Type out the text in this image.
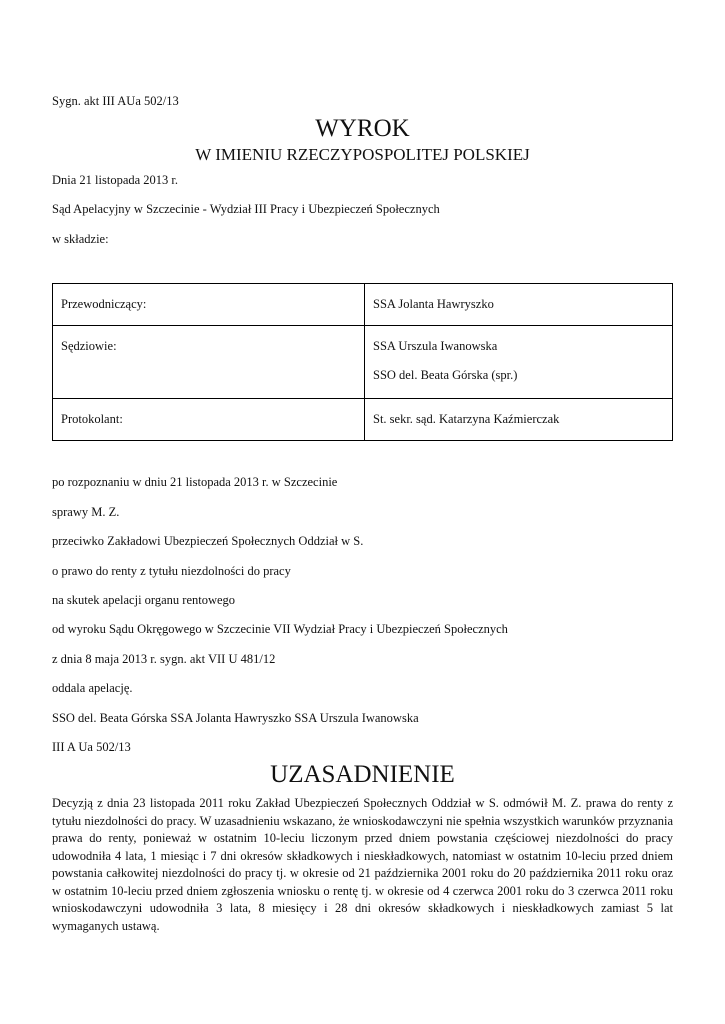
Sygn. akt III AUa 502/13
WYROK
W IMIENIU RZECZYPOSPOLITEJ POLSKIEJ
Dnia 21 listopada 2013 r.
Sąd Apelacyjny w Szczecinie - Wydział III Pracy i Ubezpieczeń Społecznych
w składzie:
Przewodniczący:	SSA Jolanta Hawryszko

Sędziowie:	SSA Urszula Iwanowska
SSO del. Beata Górska (spr.)

Protokolant:	St. sekr. sąd. Katarzyna Kaźmierczak
po rozpoznaniu w dniu 21 listopada 2013 r. w Szczecinie
sprawy M. Z.
przeciwko Zakładowi Ubezpieczeń Społecznych Oddział w S.
o prawo do renty z tytułu niezdolności do pracy
na skutek apelacji organu rentowego
od wyroku Sądu Okręgowego w Szczecinie VII Wydział Pracy i Ubezpieczeń Społecznych
z dnia 8 maja 2013 r. sygn. akt VII U 481/12
oddala apelację.
SSO del. Beata Górska SSA Jolanta Hawryszko SSA Urszula Iwanowska
III A Ua 502/13
UZASADNIENIE
Decyzją z dnia 23 listopada 2011 roku Zakład Ubezpieczeń Społecznych Oddział w S. odmówił M. Z. prawa do renty z tytułu niezdolności do pracy. W uzasadnieniu wskazano, że wnioskodawczyni nie spełnia wszystkich warunków przyznania prawa do renty, ponieważ w ostatnim 10-leciu liczonym przed dniem powstania częściowej niezdolności do pracy udowodniła 4 lata, 1 miesiąc i 7 dni okresów składkowych i nieskładkowych, natomiast w ostatnim 10-leciu przed dniem powstania całkowitej niezdolności do pracy tj. w okresie od 21 października 2001 roku do 20 października 2011 roku oraz w ostatnim 10-leciu przed dniem zgłoszenia wniosku o rentę tj. w okresie od 4 czerwca 2001 roku do 3 czerwca 2011 roku wnioskodawczyni udowodniła 3 lata, 8 miesięcy i 28 dni okresów składkowych i nieskładkowych zamiast 5 lat wymaganych ustawą.
